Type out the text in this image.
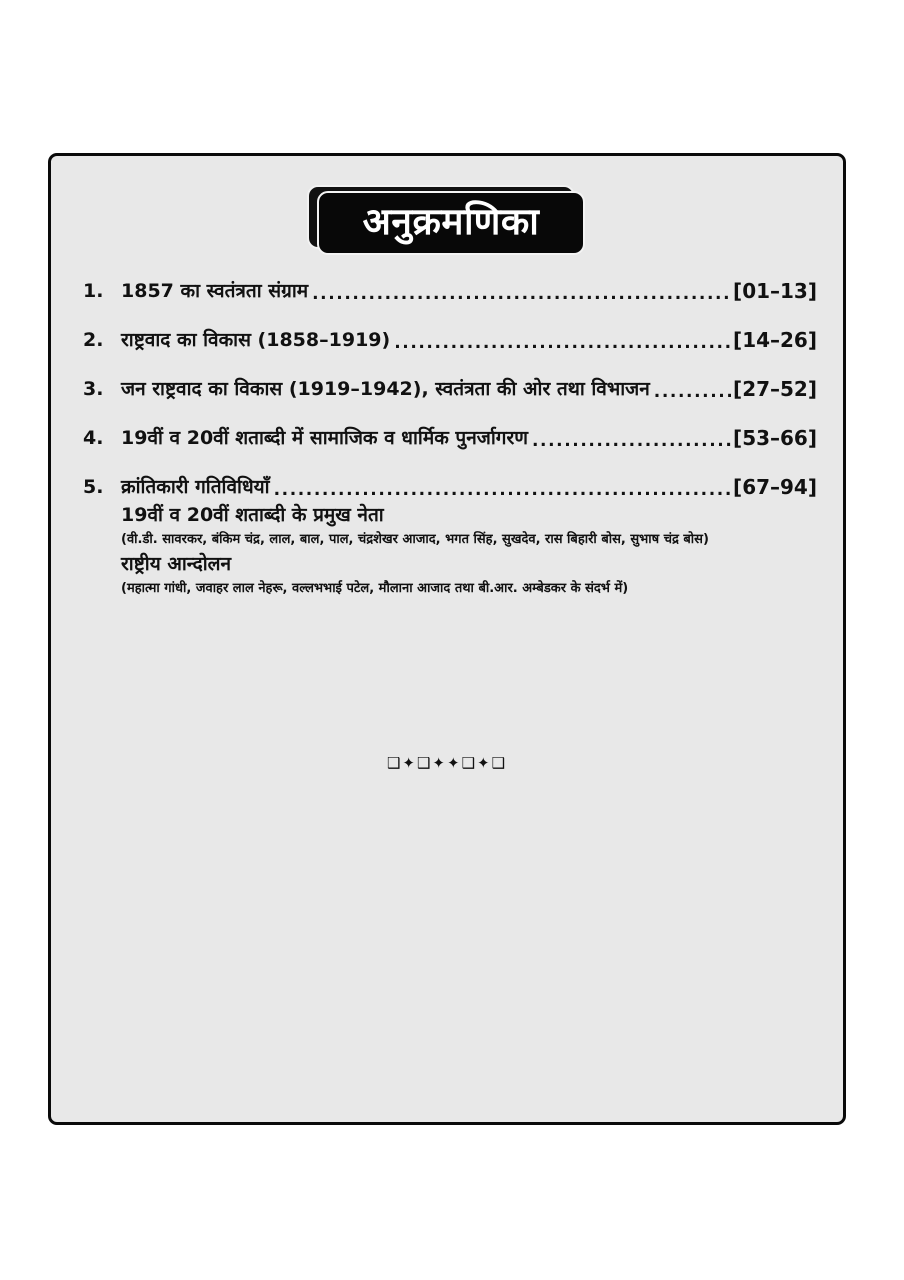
अनुक्रमणिका
1. 1857 का स्वतंत्रता संग्राम .....	[01–13]
2. राष्ट्रवाद का विकास (1858–1919) .....	[14–26]
3. जन राष्ट्रवाद का विकास (1919–1942), स्वतंत्रता की ओर तथा विभाजन .....	[27–52]
4. 19वीं व 20वीं शताब्दी में सामाजिक व धार्मिक पुनर्जागरण .....	[53–66]
5. क्रांतिकारी गतिविधियाँ .....	[67–94]
19वीं व 20वीं शताब्दी के प्रमुख नेता
(वी.डी. सावरकर, बंकिम चंद्र, लाल, बाल, पाल, चंद्रशेखर आजाद, भगत सिंह, सुखदेव, रास बिहारी बोस, सुभाष चंद्र बोस)
राष्ट्रीय आन्दोलन
(महात्मा गांधी, जवाहर लाल नेहरू, वल्लभभाई पटेल, मौलाना आजाद तथा बी.आर. अम्बेडकर के संदर्भ में)
❑✦❑✦✦❑✦❑
